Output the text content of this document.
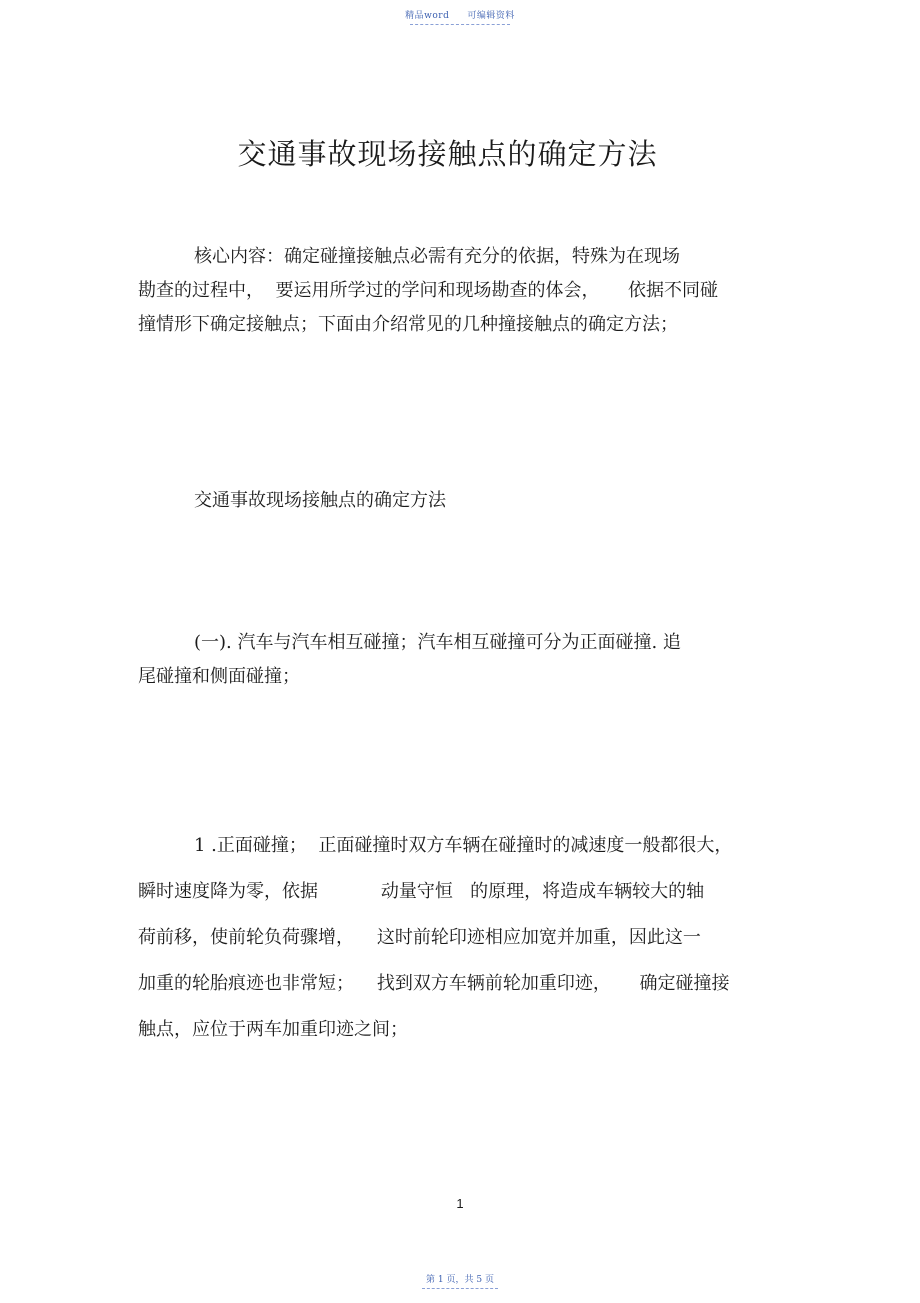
精品word 可编辑资料
交通事故现场接触点的确定方法
核心内容：确定碰撞接触点必需有充分的依据，特殊为在现场
勘查的过程中，  要运用所学过的学问和现场勘查的体会，     依据不同碰
撞情形下确定接触点；下面由介绍常见的几种撞接触点的确定方法；
交通事故现场接触点的确定方法
(一). 汽车与汽车相互碰撞；汽车相互碰撞可分为正面碰撞. 追
尾碰撞和侧面碰撞；
1 .正面碰撞；  正面碰撞时双方车辆在碰撞时的减速度一般都很大，
瞬时速度降为零，依据           动量守恒   的原理，将造成车辆较大的轴
荷前移，使前轮负荷骤增，    这时前轮印迹相应加宽并加重，因此这一
加重的轮胎痕迹也非常短；    找到双方车辆前轮加重印迹，     确定碰撞接
触点，应位于两车加重印迹之间；
1
第 1 页，共 5 页
